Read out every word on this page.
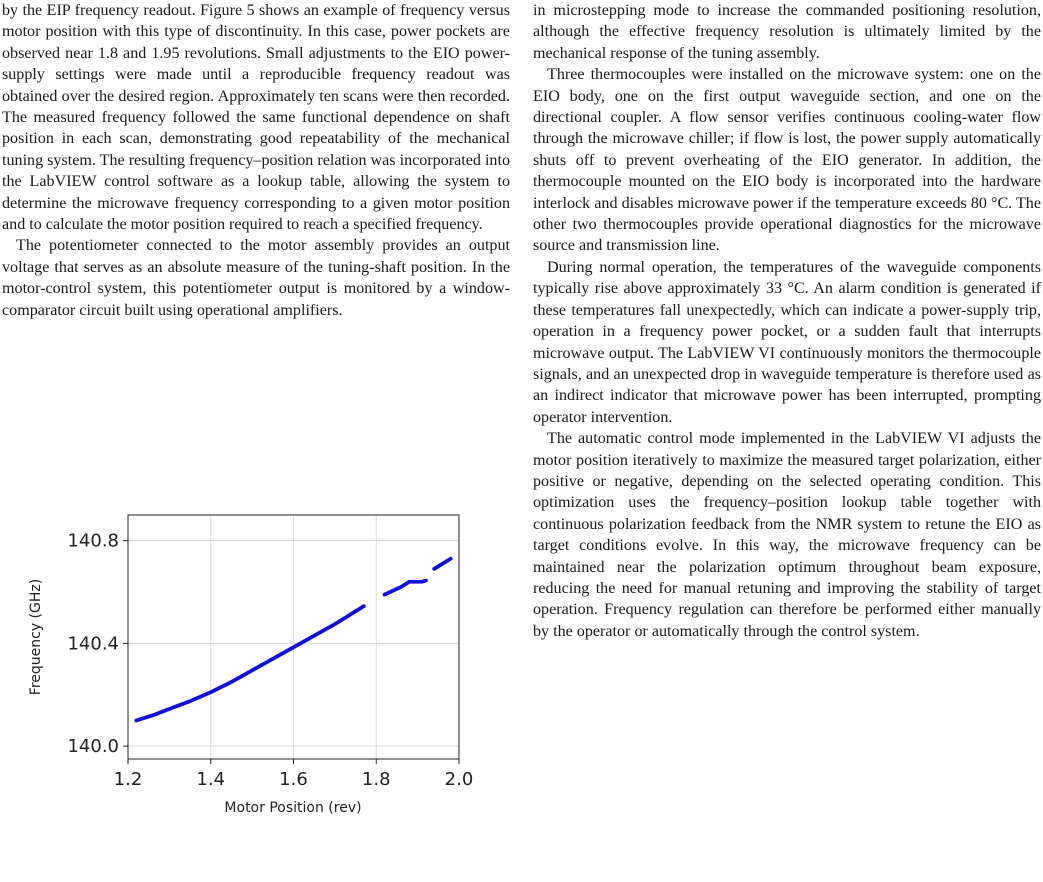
by the EIP frequency readout. Figure 5 shows an example of frequency versus motor position with this type of discontinuity. In this case, power pockets are observed near 1.8 and 1.95 revolutions. Small adjustments to the EIO power-supply settings were made until a reproducible frequency readout was obtained over the desired region. Approximately ten scans were then recorded. The measured frequency followed the same functional dependence on shaft position in each scan, demonstrating good repeatability of the mechanical tuning system. The resulting frequency–position relation was incorporated into the LabVIEW control software as a lookup table, allowing the system to determine the microwave frequency corresponding to a given motor position and to calculate the motor position required to reach a specified frequency.

The potentiometer connected to the motor assembly provides an output voltage that serves as an absolute measure of the tuning-shaft position. In the motor-control system, this potentiometer output is monitored by a window-comparator circuit built using operational amplifiers.

in microstepping mode to increase the commanded positioning resolution, although the effective frequency resolution is ultimately limited by the mechanical response of the tuning assembly.

Three thermocouples were installed on the microwave system: one on the EIO body, one on the first output waveguide section, and one on the directional coupler. A flow sensor verifies continuous cooling-water flow through the microwave chiller; if flow is lost, the power supply automatically shuts off to prevent overheating of the EIO generator. In addition, the thermocouple mounted on the EIO body is incorporated into the hardware interlock and disables microwave power if the temperature exceeds 80 °C. The other two thermocouples provide operational diagnostics for the microwave source and transmission line.

During normal operation, the temperatures of the waveguide components typically rise above approximately 33 °C. An alarm condition is generated if these temperatures fall unexpectedly, which can indicate a power-supply trip, operation in a frequency power pocket, or a sudden fault that interrupts microwave output. The LabVIEW VI continuously monitors the thermocouple signals, and an unexpected drop in waveguide temperature is therefore used as an indirect indicator that microwave power has been interrupted, prompting operator intervention.

The automatic control mode implemented in the LabVIEW VI adjusts the motor position iteratively to maximize the measured target polarization, either positive or negative, depending on the selected operating condition. This optimization uses the frequency–position lookup table together with continuous polarization feedback from the NMR system to retune the EIO as target conditions evolve. In this way, the microwave frequency can be maintained near the polarization optimum throughout beam exposure, reducing the need for manual retuning and improving the stability of target operation. Frequency regulation can therefore be performed either manually by the operator or automatically through the control system.

1.2	1.4	1.6	1.8	2.0
140.0
140.4
140.8
Motor Position (rev)
Frequency (GHz)
